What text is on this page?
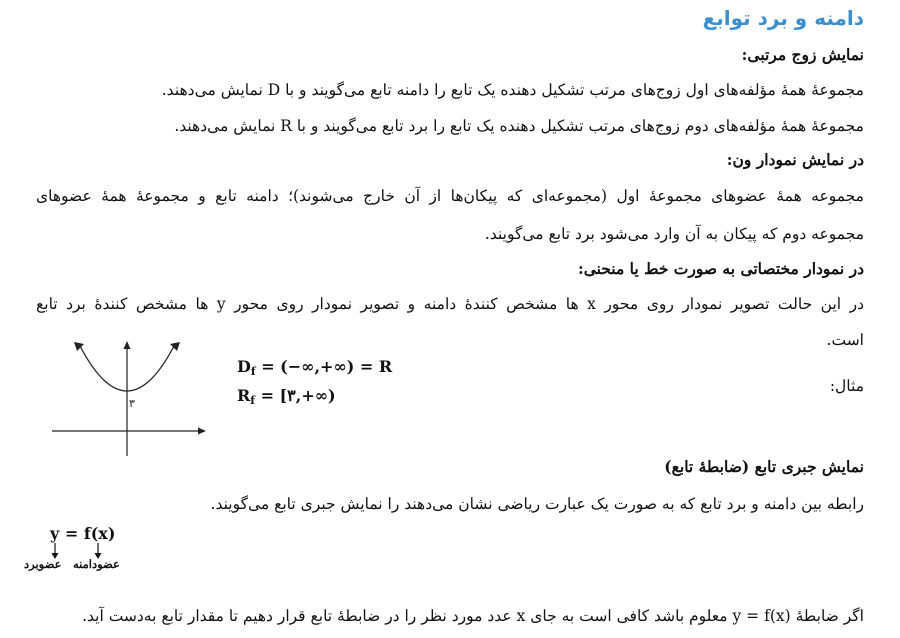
دامنه و برد توابع
نمایش زوج مرتبی:
مجموعهٔ همهٔ مؤلفه‌های اول زوج‌های مرتب تشکیل دهنده یک تابع را دامنه تابع می‌گویند و با D نمایش می‌دهند.
مجموعهٔ همهٔ مؤلفه‌های دوم زوج‌های مرتب تشکیل دهنده یک تابع را برد تابع می‌گویند و با R نمایش می‌دهند.
در نمایش نمودار ون:
مجموعه همهٔ عضوهای مجموعهٔ اول (مجموعه‌ای که پیکان‌ها از آن خارج می‌شوند)؛ دامنه تابع و مجموعهٔ همهٔ عضوهای
مجموعه دوم که پیکان به آن وارد می‌شود برد تابع می‌گویند.
در نمودار مختصاتی به صورت خط یا منحنی:
در این حالت تصویر نمودار روی محور x ها مشخص کنندهٔ دامنه و تصویر نمودار روی محور y ها مشخص کنندهٔ برد تابع
است.
مثال:
۳
$D_f$ = (−∞,+∞) = R
$R_f$ = [۳,+∞)
نمایش جبری تابع (ضابطهٔ تابع)
رابطه بین دامنه و برد تابع که به صورت یک عبارت ریاضی نشان می‌دهند را نمایش جبری تابع می‌گویند.
y = f(x)
عضوبرد عضودامنه
اگر ضابطهٔ y = f(x) معلوم باشد کافی است به جای x عدد مورد نظر را در ضابطهٔ تابع قرار دهیم تا مقدار تابع به‌دست آید.
